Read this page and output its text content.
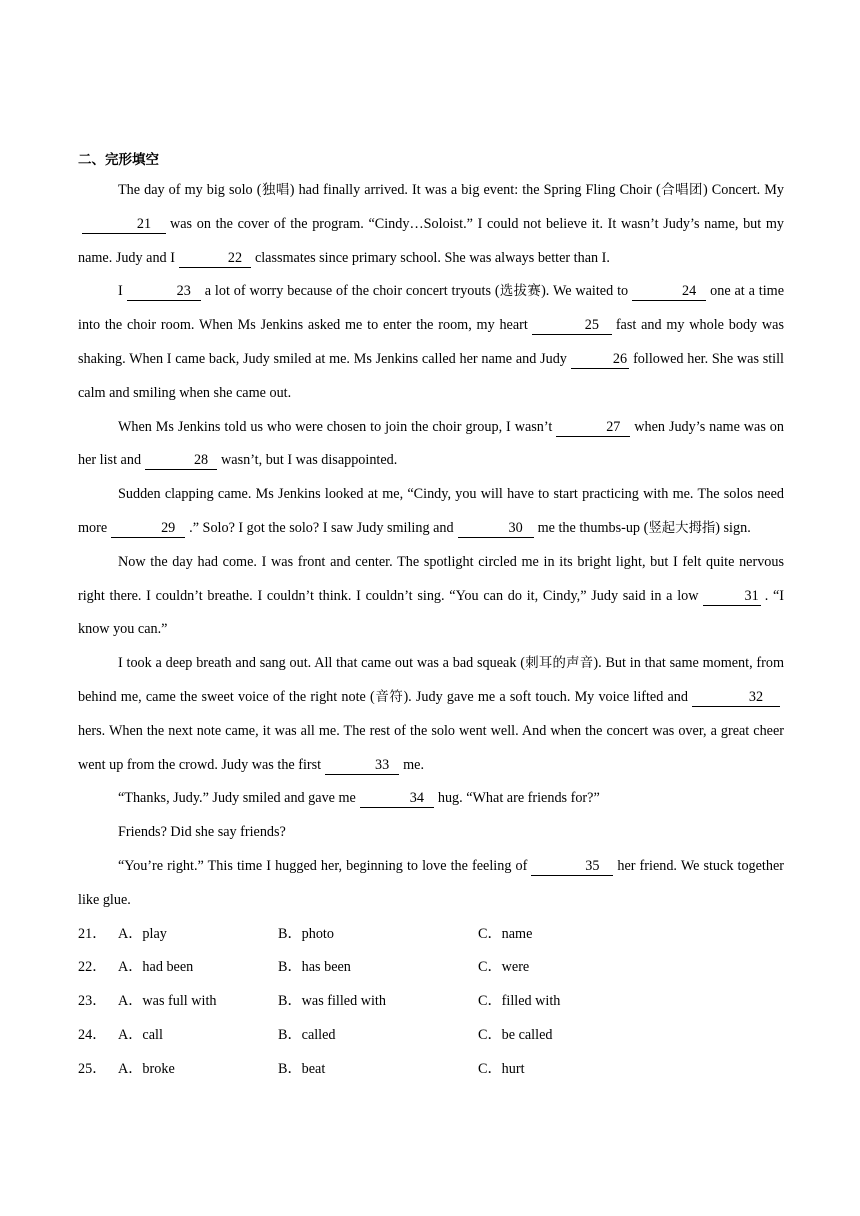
二、完形填空

The day of my big solo (独唱) had finally arrived. It was a big event: the Spring Fling Choir (合唱团) Concert. My21 was on the cover of the program. “Cindy…Soloist.” I could not believe it. It wasn’t Judy’s name, but my name. Judy and I	22 classmates since primary school. She was always better than I.

I	23 a lot of worry because of the choir concert tryouts (选拔赛). We waited to	24 one at a time into the choir room. When Ms Jenkins asked me to enter the room, my heart	25 fast and my whole body was shaking. When I came back, Judy smiled at me. Ms Jenkins called her name and Judy	26 followed her. She was still calm and smiling when she came out.

When Ms Jenkins told us who were chosen to join the choir group, I wasn’t	27 when Judy’s name was on her list and	28 wasn’t, but I was disappointed.

Sudden clapping came. Ms Jenkins looked at me, “Cindy, you will have to start practicing with me. The solos need more	29 .” Solo? I got the solo? I saw Judy smiling and	30 me the thumbs-up (竖起大拇指) sign.

Now the day had come. I was front and center. The spotlight circled me in its bright light, but I felt quite nervous right there. I couldn’t breathe. I couldn’t think. I couldn’t sing. “You can do it, Cindy,” Judy said in a low	31 . “I know you can.”

I took a deep breath and sang out. All that came out was a bad squeak (刺耳的声音). But in that same moment, from behind me, came the sweet voice of the right note (音符). Judy gave me a soft touch. My voice lifted and	32hers. When the next note came, it was all me. The rest of the solo went well. And when the concert was over, a great cheer went up from the crowd. Judy was the first	33 me.

“Thanks, Judy.” Judy smiled and gave me	34 hug. “What are friends for?”

Friends? Did she say friends?

“You’re right.” This time I hugged her, beginning to love the feeling of	35 her friend. We stuck together like glue.

21． A．play	B．photo	C．name
22． A．had been	B．has been	C．were
23． A．was full with	B．was filled with	C．filled with
24． A．call	B．called	C．be called
25． A．broke	B．beat	C．hurt
